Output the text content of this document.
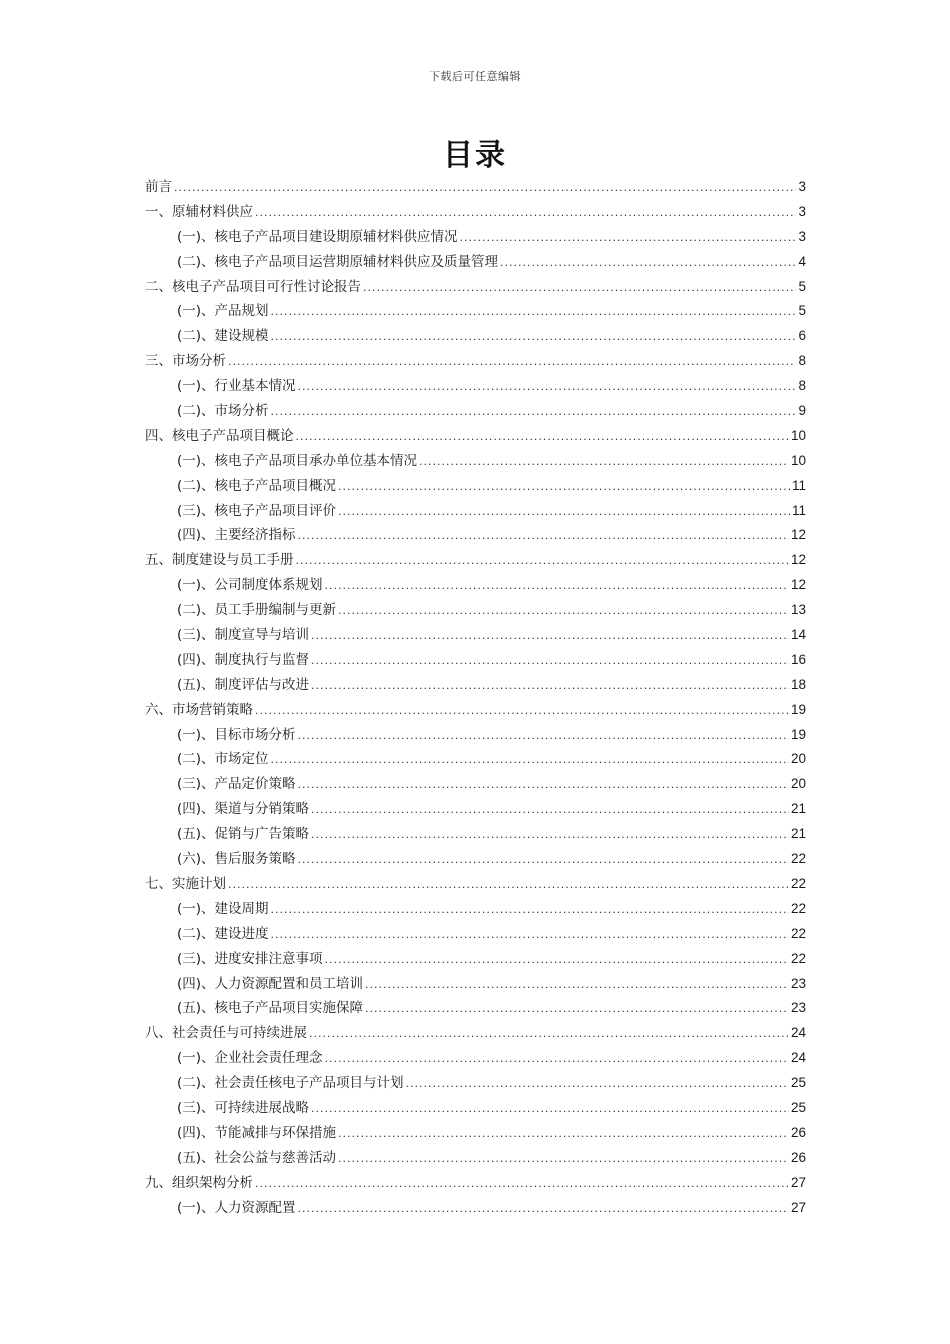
下载后可任意编辑
目录
前言 .....	3
一、原辅材料供应 .....	3
(一)、核电子产品项目建设期原辅材料供应情况 .....	3
(二)、核电子产品项目运营期原辅材料供应及质量管理 .....	4
二、核电子产品项目可行性讨论报告 .....	5
(一)、产品规划 .....	5
(二)、建设规模 .....	6
三、市场分析 .....	8
(一)、行业基本情况 .....	8
(二)、市场分析 .....	9
四、核电子产品项目概论 .....	10
(一)、核电子产品项目承办单位基本情况 .....	10
(二)、核电子产品项目概况 .....	11
(三)、核电子产品项目评价 .....	11
(四)、主要经济指标 .....	12
五、制度建设与员工手册 .....	12
(一)、公司制度体系规划 .....	12
(二)、员工手册编制与更新 .....	13
(三)、制度宣导与培训 .....	14
(四)、制度执行与监督 .....	16
(五)、制度评估与改进 .....	18
六、市场营销策略 .....	19
(一)、目标市场分析 .....	19
(二)、市场定位 .....	20
(三)、产品定价策略 .....	20
(四)、渠道与分销策略 .....	21
(五)、促销与广告策略 .....	21
(六)、售后服务策略 .....	22
七、实施计划 .....	22
(一)、建设周期 .....	22
(二)、建设进度 .....	22
(三)、进度安排注意事项 .....	22
(四)、人力资源配置和员工培训 .....	23
(五)、核电子产品项目实施保障 .....	23
八、社会责任与可持续进展 .....	24
(一)、企业社会责任理念 .....	24
(二)、社会责任核电子产品项目与计划 .....	25
(三)、可持续进展战略 .....	25
(四)、节能减排与环保措施 .....	26
(五)、社会公益与慈善活动 .....	26
九、组织架构分析 .....	27
(一)、人力资源配置 .....	27
